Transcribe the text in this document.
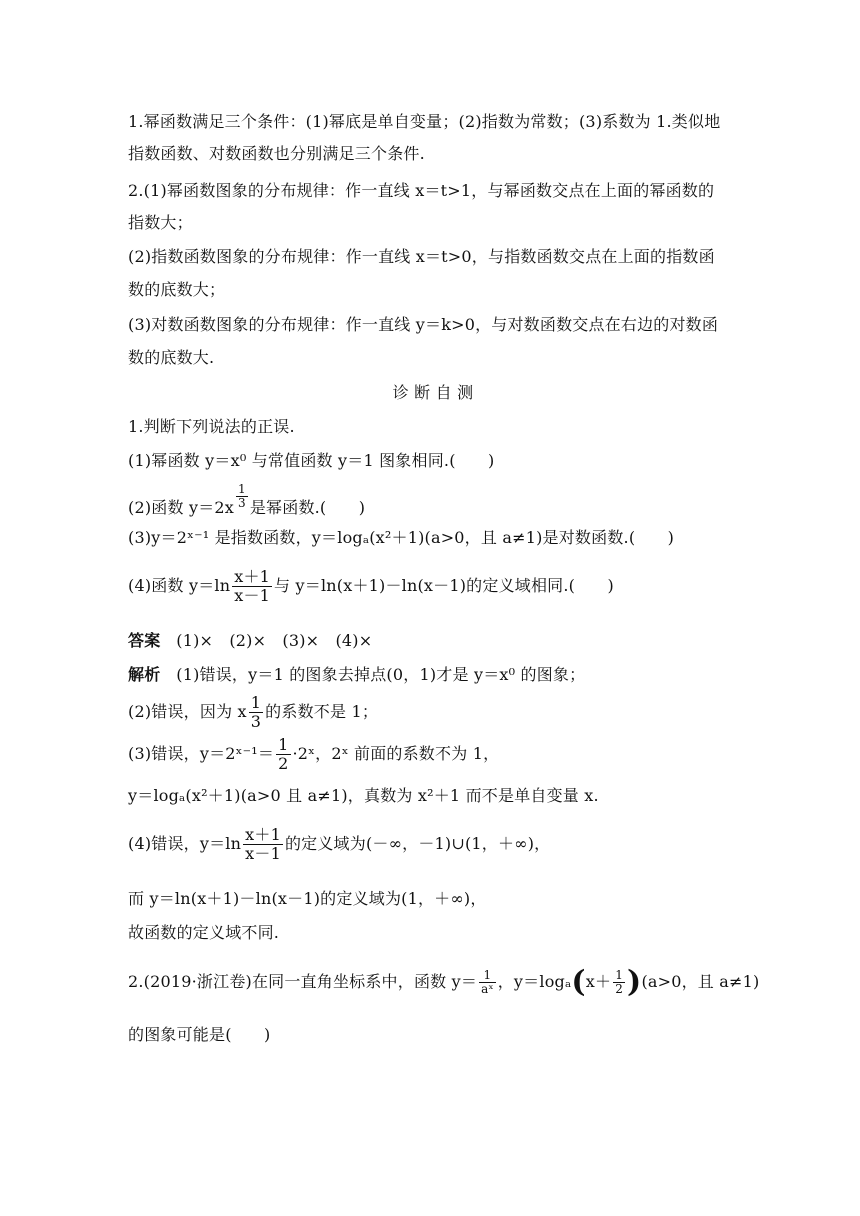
1.幂函数满足三个条件：(1)幂底是单自变量；(2)指数为常数；(3)系数为 1.类似地
指数函数、对数函数也分别满足三个条件.
2.(1)幂函数图象的分布规律：作一直线 x＝t>1，与幂函数交点在上面的幂函数的
指数大；
(2)指数函数图象的分布规律：作一直线 x＝t>0，与指数函数交点在上面的指数函
数的底数大；
(3)对数函数图象的分布规律：作一直线 y＝k>0，与对数函数交点在右边的对数函
数的底数大.
诊 断 自 测
1.判断下列说法的正误.
(1)幂函数 y＝x⁰ 与常值函数 y＝1 图象相同.(　　)
(2)函数 $y=2x \frac{1}{3}$ 是幂函数.(　　)
(3)y＝2ˣ⁻¹ 是指数函数，y＝logₐ(x²＋1)(a>0，且 a≠1)是对数函数.(　　)
(4)函数 $y=\ln \frac{x+1}{x-1}$ 与 y＝ln(x＋1)－ln(x－1)的定义域相同.(　　)
答案 (1)×　(2)×　(3)×　(4)×
解析 (1)错误，y＝1 的图象去掉点(0，1)才是 y＝x⁰ 的图象；
(2)错误，因为 x $\frac{1}{3}$ 的系数不是 1；
(3)错误，y＝2ˣ⁻¹＝ $\frac{1}{2}$ ·2ˣ，2ˣ 前面的系数不为 1，
y＝logₐ(x²＋1)(a>0 且 a≠1)，真数为 x²＋1 而不是单自变量 x.
(4)错误，$y=\ln \frac{x+1}{x-1}$ 的定义域为(－∞，－1)∪(1，＋∞)，
而 y＝ln(x＋1)－ln(x－1)的定义域为(1，＋∞)，
故函数的定义域不同.
2.(2019·浙江卷)在同一直角坐标系中，函数 $y= \frac{1}{\text{aˣ}}$ ，$y=\log_a(x+ \frac{1}{2} )(a>0$，且 a≠1)
的图象可能是(　　)
